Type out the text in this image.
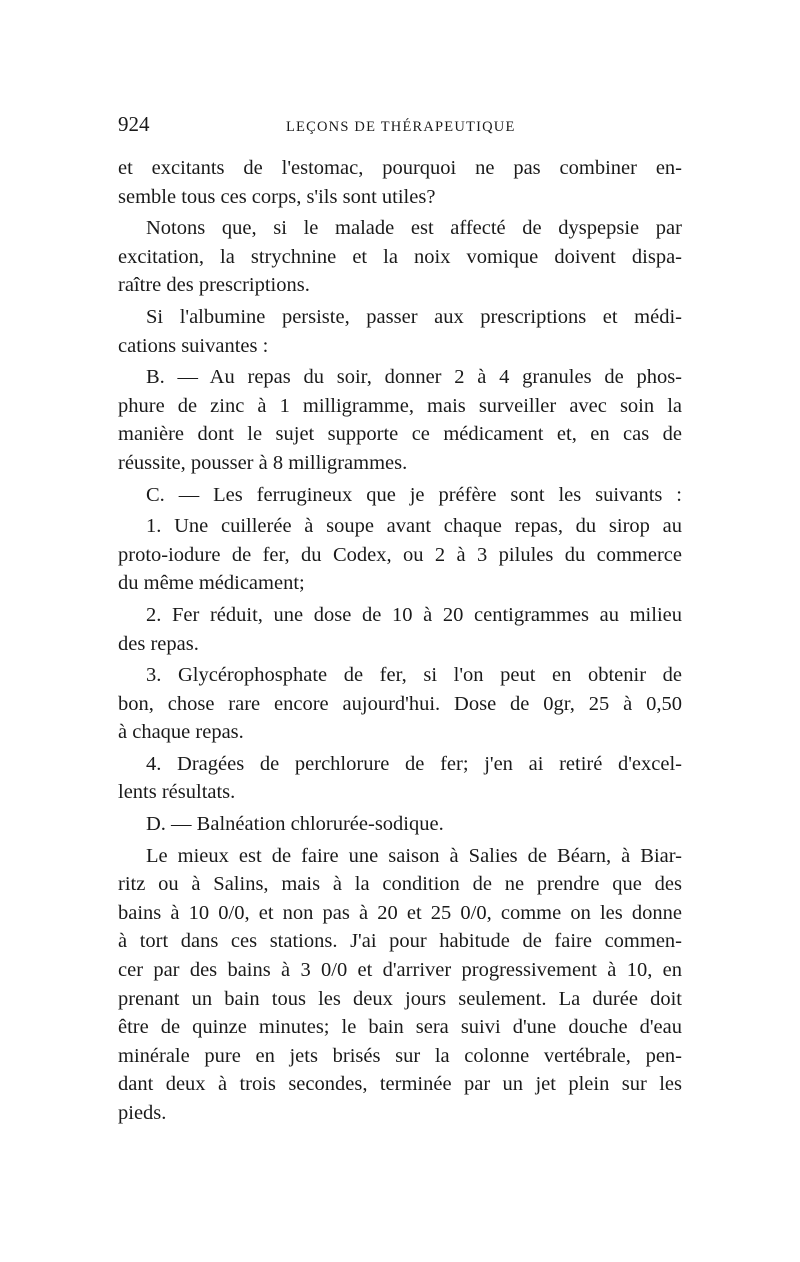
924	LEÇONS DE THÉRAPEUTIQUE

et excitants de l'estomac, pourquoi ne pas combiner en-
semble tous ces corps, s'ils sont utiles?

Notons que, si le malade est affecté de dyspepsie par
excitation, la strychnine et la noix vomique doivent dispa-
raître des prescriptions.

Si l'albumine persiste, passer aux prescriptions et médi-
cations suivantes :

B. — Au repas du soir, donner 2 à 4 granules de phos-
phure de zinc à 1 milligramme, mais surveiller avec soin la
manière dont le sujet supporte ce médicament et, en cas de
réussite, pousser à 8 milligrammes.

C. — Les ferrugineux que je préfère sont les suivants :

1. Une cuillerée à soupe avant chaque repas, du sirop au
proto-iodure de fer, du Codex, ou 2 à 3 pilules du commerce
du même médicament;

2. Fer réduit, une dose de 10 à 20 centigrammes au milieu
des repas.

3. Glycérophosphate de fer, si l'on peut en obtenir de
bon, chose rare encore aujourd'hui. Dose de 0gr, 25 à 0,50
à chaque repas.

4. Dragées de perchlorure de fer; j'en ai retiré d'excel-
lents résultats.

D. — Balnéation chlorurée-sodique.

Le mieux est de faire une saison à Salies de Béarn, à Biar-
ritz ou à Salins, mais à la condition de ne prendre que des
bains à 10 0/0, et non pas à 20 et 25 0/0, comme on les donne
à tort dans ces stations. J'ai pour habitude de faire commen-
cer par des bains à 3 0/0 et d'arriver progressivement à 10, en
prenant un bain tous les deux jours seulement. La durée doit
être de quinze minutes; le bain sera suivi d'une douche d'eau
minérale pure en jets brisés sur la colonne vertébrale, pen-
dant deux à trois secondes, terminée par un jet plein sur les
pieds.
